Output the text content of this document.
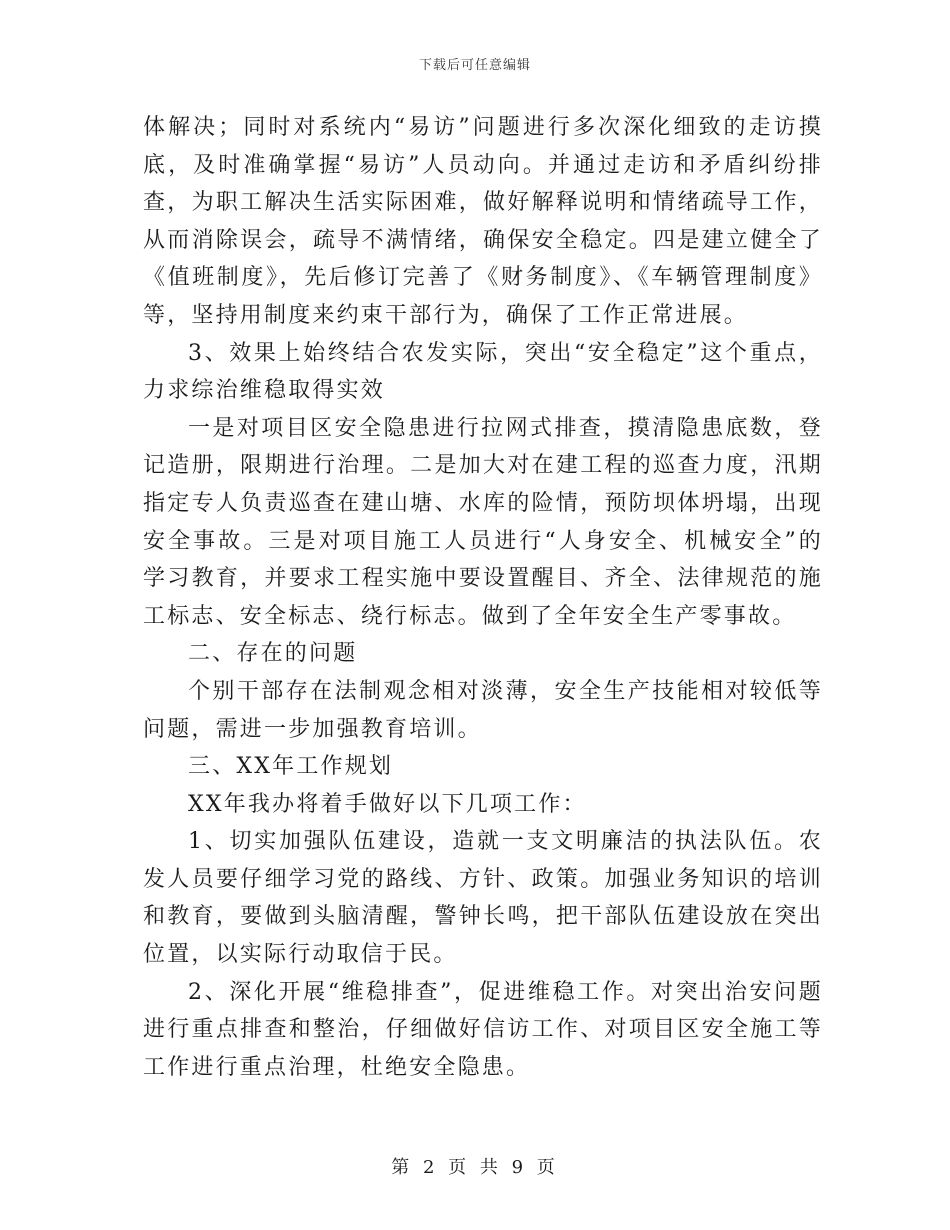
下载后可任意编辑

体解决；同时对系统内“易访”问题进行多次深化细致的走访摸底，及时准确掌握“易访”人员动向。并通过走访和矛盾纠纷排查，为职工解决生活实际困难，做好解释说明和情绪疏导工作，从而消除误会，疏导不满情绪，确保安全稳定。四是建立健全了《值班制度》，先后修订完善了《财务制度》、《车辆管理制度》等，坚持用制度来约束干部行为，确保了工作正常进展。

3、效果上始终结合农发实际，突出“安全稳定”这个重点，力求综治维稳取得实效

一是对项目区安全隐患进行拉网式排查，摸清隐患底数，登记造册，限期进行治理。二是加大对在建工程的巡查力度，汛期指定专人负责巡查在建山塘、水库的险情，预防坝体坍塌，出现安全事故。三是对项目施工人员进行“人身安全、机械安全”的学习教育，并要求工程实施中要设置醒目、齐全、法律规范的施工标志、安全标志、绕行标志。做到了全年安全生产零事故。

二、存在的问题

个别干部存在法制观念相对淡薄，安全生产技能相对较低等问题，需进一步加强教育培训。

三、XX年工作规划

XX年我办将着手做好以下几项工作：

1、切实加强队伍建设，造就一支文明廉洁的执法队伍。农发人员要仔细学习党的路线、方针、政策。加强业务知识的培训和教育，要做到头脑清醒，警钟长鸣，把干部队伍建设放在突出位置，以实际行动取信于民。

2、深化开展“维稳排查”，促进维稳工作。对突出治安问题进行重点排查和整治，仔细做好信访工作、对项目区安全施工等工作进行重点治理，杜绝安全隐患。

第 2 页 共 9 页
